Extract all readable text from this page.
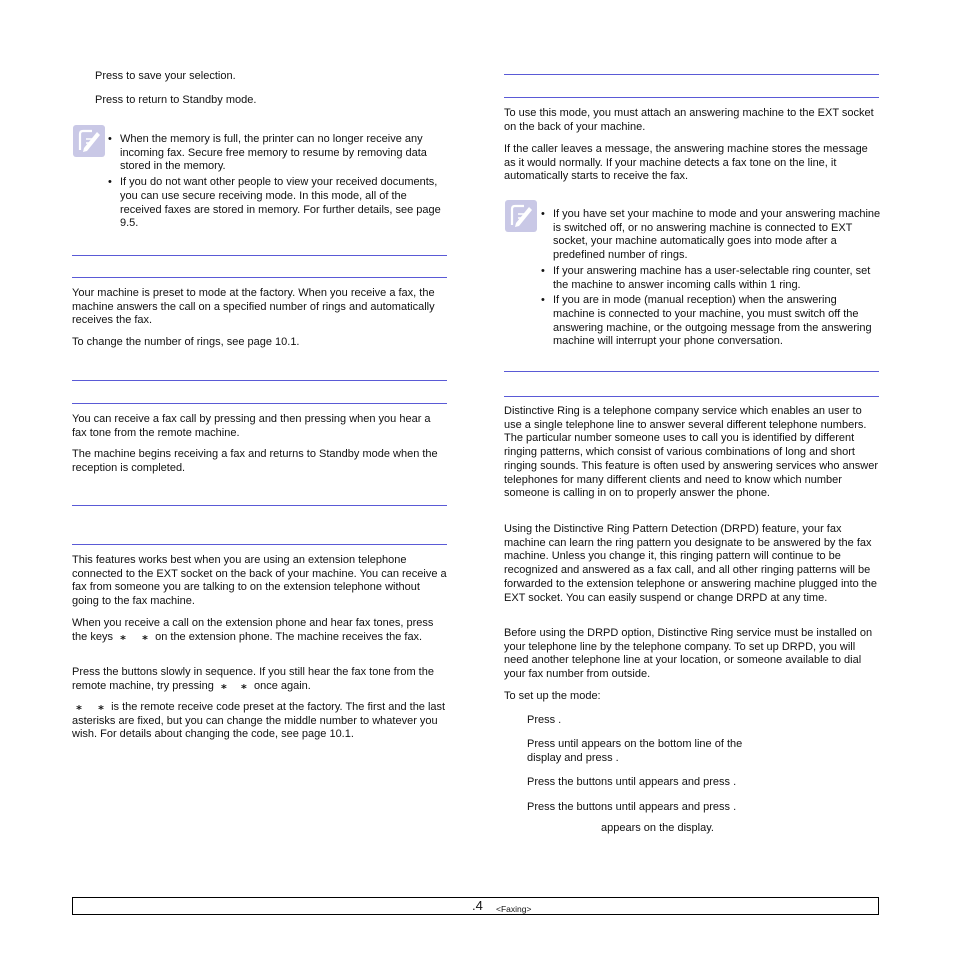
Press to save your selection.

Press to return to Standby mode.

• When the memory is full, the printer can no longer receive any incoming fax. Secure free memory to resume by removing data stored in the memory.
• If you do not want other people to view your received documents, you can use secure receiving mode. In this mode, all of the received faxes are stored in memory. For further details, see page 9.5.

Your machine is preset to mode at the factory. When you receive a fax, the machine answers the call on a specified number of rings and automatically receives the fax.

To change the number of rings, see page 10.1.

You can receive a fax call by pressing and then pressing when you hear a fax tone from the remote machine.

The machine begins receiving a fax and returns to Standby mode when the reception is completed.

This features works best when you are using an extension telephone connected to the EXT socket on the back of your machine. You can receive a fax from someone you are talking to on the extension telephone without going to the fax machine.

When you receive a call on the extension phone and hear fax tones, press the keys ⁎ ⁎ on the extension phone. The machine receives the fax.

Press the buttons slowly in sequence. If you still hear the fax tone from the remote machine, try pressing ⁎ ⁎ once again.

⁎ ⁎ is the remote receive code preset at the factory. The first and the last asterisks are fixed, but you can change the middle number to whatever you wish. For details about changing the code, see page 10.1.

To use this mode, you must attach an answering machine to the EXT socket on the back of your machine.

If the caller leaves a message, the answering machine stores the message as it would normally. If your machine detects a fax tone on the line, it automatically starts to receive the fax.

• If you have set your machine to mode and your answering machine is switched off, or no answering machine is connected to EXT socket, your machine automatically goes into mode after a predefined number of rings.
• If your answering machine has a user-selectable ring counter, set the machine to answer incoming calls within 1 ring.
• If you are in mode (manual reception) when the answering machine is connected to your machine, you must switch off the answering machine, or the outgoing message from the answering machine will interrupt your phone conversation.

Distinctive Ring is a telephone company service which enables an user to use a single telephone line to answer several different telephone numbers. The particular number someone uses to call you is identified by different ringing patterns, which consist of various combinations of long and short ringing sounds. This feature is often used by answering services who answer telephones for many different clients and need to know which number someone is calling in on to properly answer the phone.

Using the Distinctive Ring Pattern Detection (DRPD) feature, your fax machine can learn the ring pattern you designate to be answered by the fax machine. Unless you change it, this ringing pattern will continue to be recognized and answered as a fax call, and all other ringing patterns will be forwarded to the extension telephone or answering machine plugged into the EXT socket. You can easily suspend or change DRPD at any time.

Before using the DRPD option, Distinctive Ring service must be installed on your telephone line by the telephone company. To set up DRPD, you will need another telephone line at your location, or someone available to dial your fax number from outside.

To set up the mode:

Press .

Press until appears on the bottom line of the

display and press .

Press the buttons until appears and press .

Press the buttons until appears and press .

appears on the display.

.4 <Faxing>
